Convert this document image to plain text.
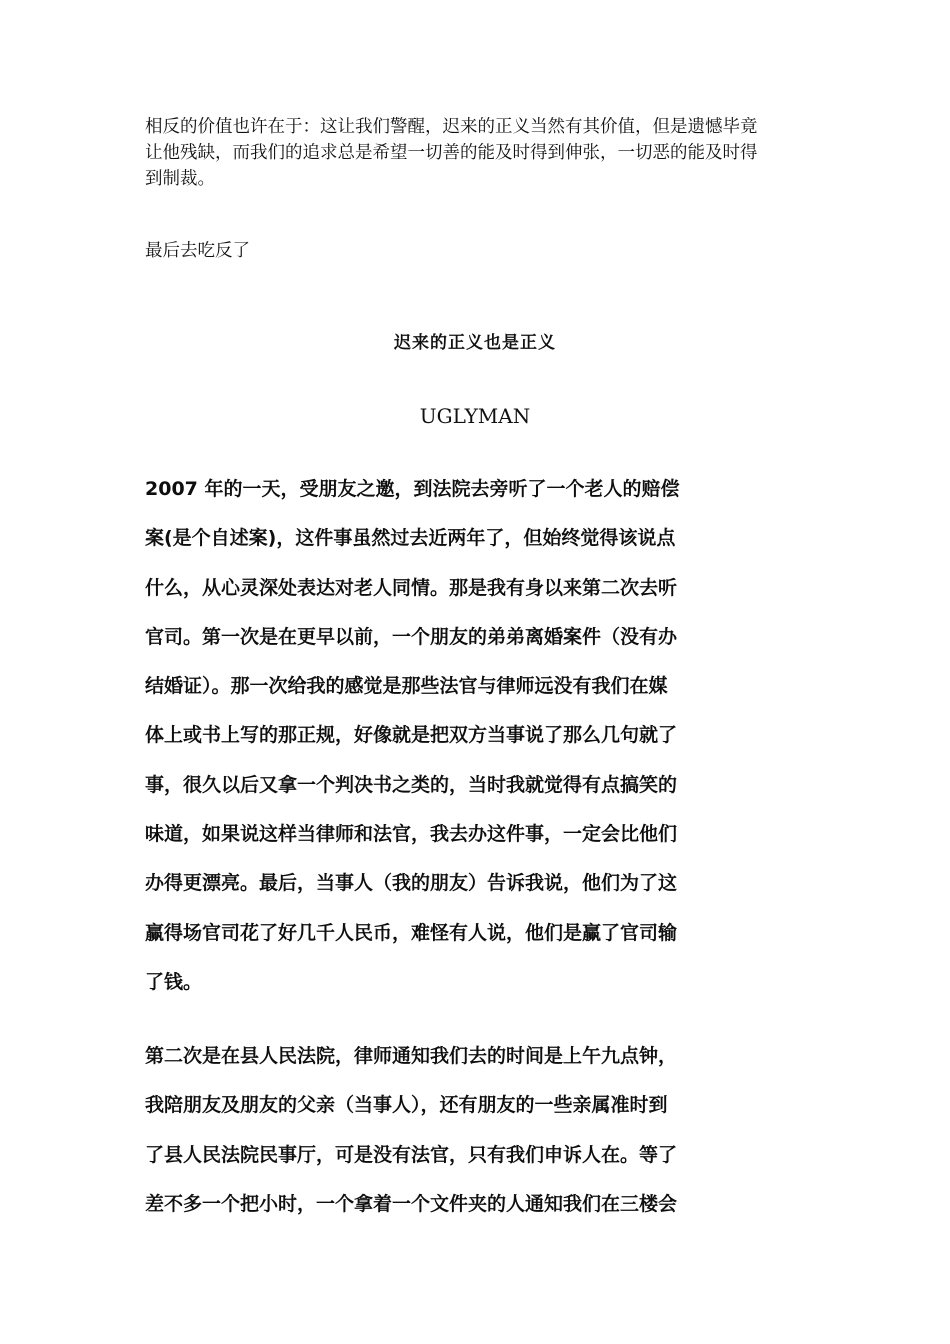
相反的价值也许在于：这让我们警醒，迟来的正义当然有其价值，但是遗憾毕竟
让他残缺，而我们的追求总是希望一切善的能及时得到伸张，一切恶的能及时得
到制裁。

最后去吃反了

迟来的正义也是正义
UGLYMAN

2007 年的一天，受朋友之邀，到法院去旁听了一个老人的赔偿
案(是个自述案)，这件事虽然过去近两年了，但始终觉得该说点
什么，从心灵深处表达对老人同情。那是我有身以来第二次去听
官司。第一次是在更早以前，一个朋友的弟弟离婚案件（没有办
结婚证）。那一次给我的感觉是那些法官与律师远没有我们在媒
体上或书上写的那正规，好像就是把双方当事说了那么几句就了
事，很久以后又拿一个判决书之类的，当时我就觉得有点搞笑的
味道，如果说这样当律师和法官，我去办这件事，一定会比他们
办得更漂亮。最后，当事人（我的朋友）告诉我说，他们为了这
赢得场官司花了好几千人民币，难怪有人说，他们是赢了官司输
了钱。

第二次是在县人民法院，律师通知我们去的时间是上午九点钟，
我陪朋友及朋友的父亲（当事人），还有朋友的一些亲属准时到
了县人民法院民事厅，可是没有法官，只有我们申诉人在。等了
差不多一个把小时，一个拿着一个文件夹的人通知我们在三楼会
